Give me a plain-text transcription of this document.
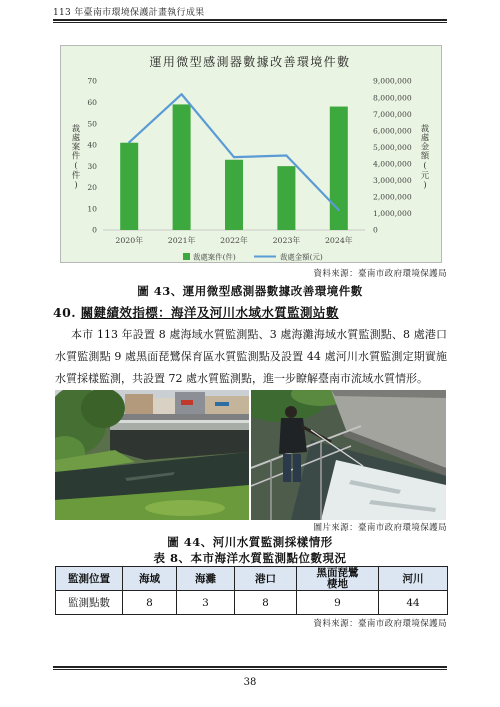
113 年臺南市環境保護計畫執行成果
運用微型感測器數據改善環境件數
0
10
20
30
40
50
60
70
0
1,000,000
2,000,000
3,000,000
4,000,000
5,000,000
6,000,000
7,000,000
8,000,000
9,000,000
2020年	2021年	2022年	2023年	2024年
裁處案件(件)	裁處金額(元)
裁處案件(件)	裁處金額(元)
資料來源：臺南市政府環境保護局
圖 43、運用微型感測器數據改善環境件數
40. 關鍵績效指標：海洋及河川水域水質監測站數

本市 113 年設置 8 處海域水質監測點、3 處海灘海域水質監測點、8 處港口水質監測點 9 處黑面琵鷺保育區水質監測點及設置 44 處河川水質監測定期實施水質採樣監測，共設置 72 處水質監測點，進一步瞭解臺南市流域水質情形。

圖片來源：臺南市政府環境保護局
圖 44、河川水質監測採樣情形
表 8、本市海洋水質監測點位數現況
監測位置	海域	海灘	港口	黑面琵鷺棲地	河川
監測點數	8	3	8	9	44
資料來源：臺南市政府環境保護局
38
